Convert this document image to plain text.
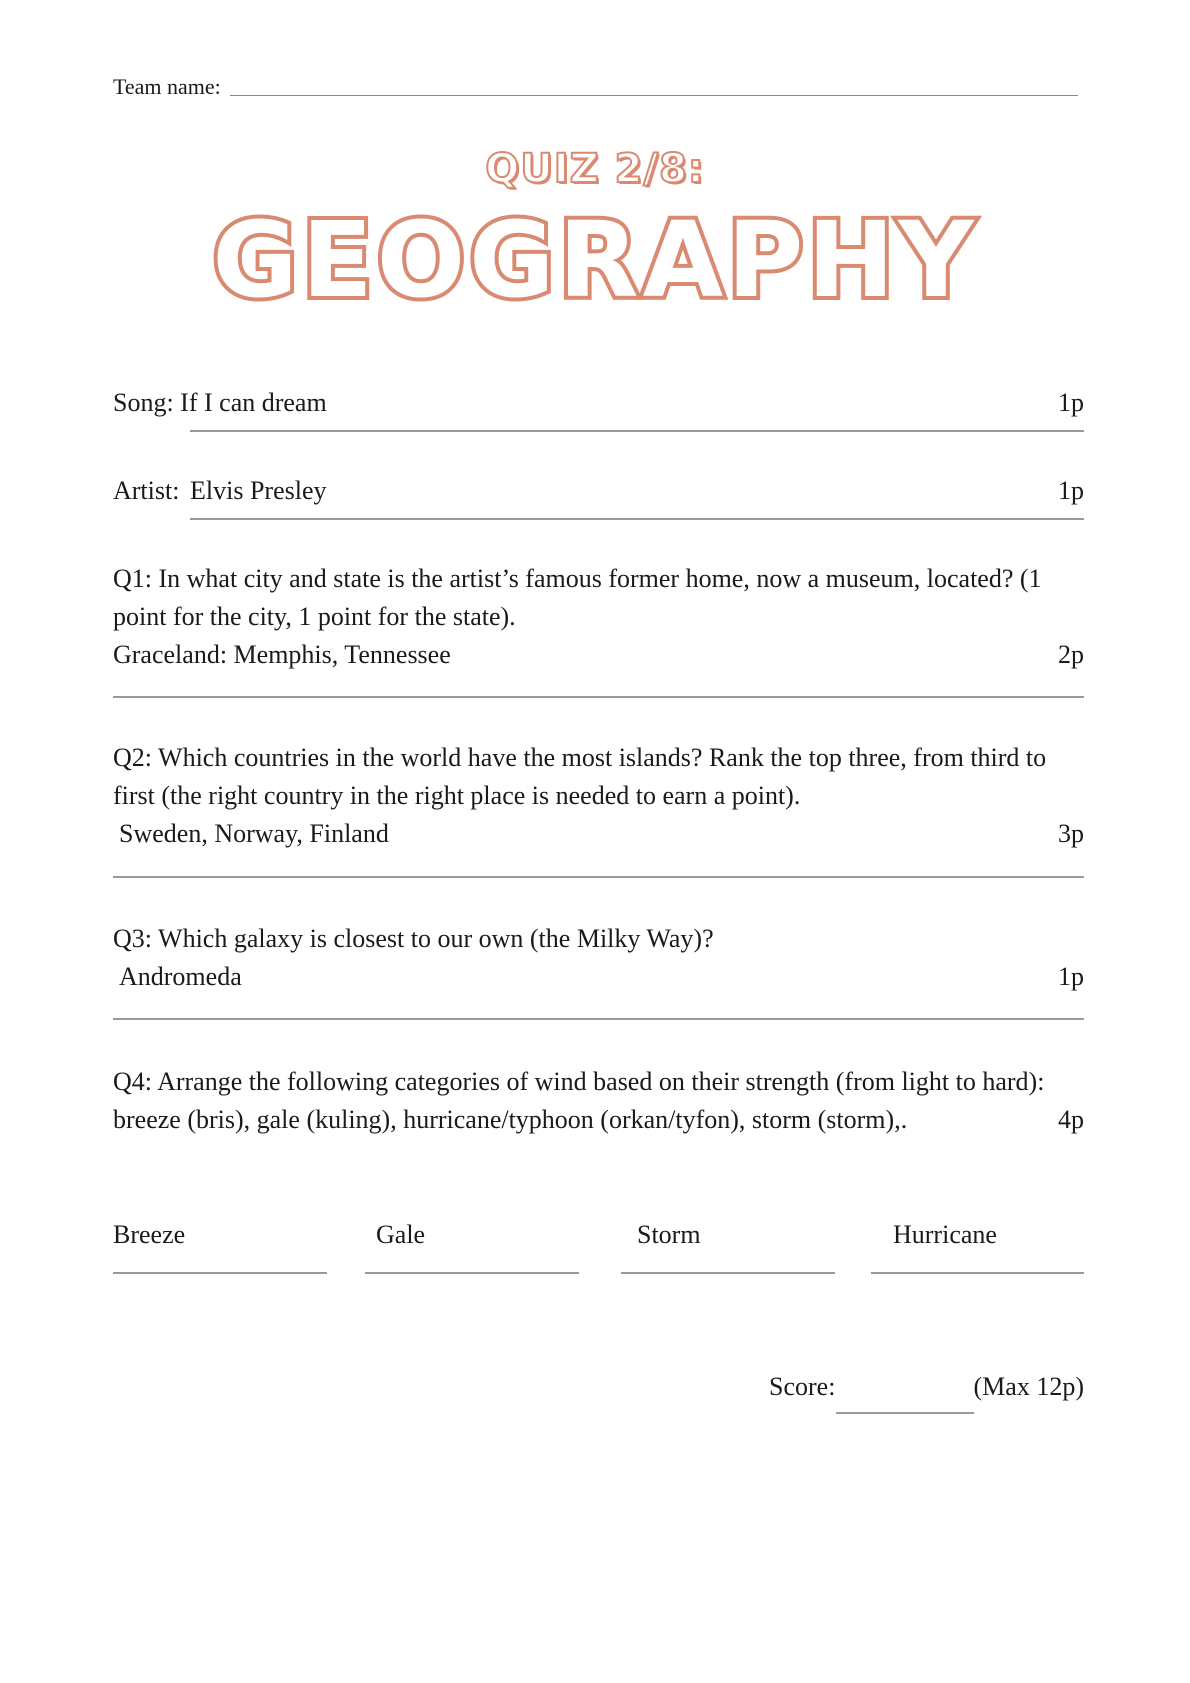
Team name:
QUIZ 2/8:
GEOGRAPHY
Song: If I can dream	1p
Artist: Elvis Presley	1p
Q1: In what city and state is the artist’s famous former home, now a museum, located? (1
point for the city, 1 point for the state).
Graceland: Memphis, Tennessee	2p
Q2: Which countries in the world have the most islands? Rank the top three, from third to
first (the right country in the right place is needed to earn a point).
Sweden, Norway, Finland	3p
Q3: Which galaxy is closest to our own (the Milky Way)?
Andromeda	1p
Q4: Arrange the following categories of wind based on their strength (from light to hard):
breeze (bris), gale (kuling), hurricane/typhoon (orkan/tyfon), storm (storm),.	4p
Breeze	Gale	Storm	Hurricane
Score:	(Max 12p)
